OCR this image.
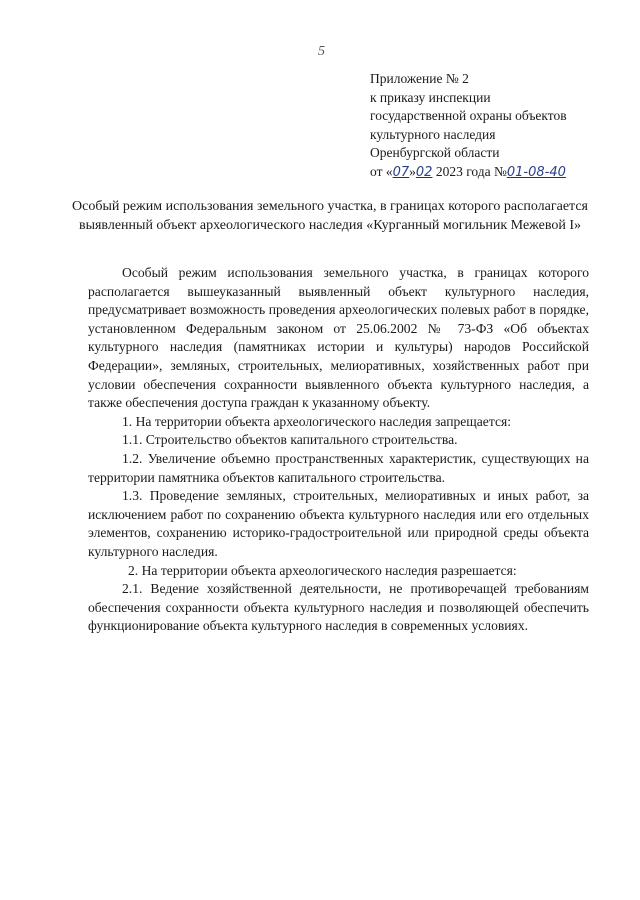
5
Приложение № 2
к приказу инспекции
государственной охраны объектов
культурного наследия
Оренбургской области
от «07»02 2023 года №01-08-40
Особый режим использования земельного участка, в границах которого располагается выявленный объект археологического наследия «Курганный могильник Межевой I»

Особый режим использования земельного участка, в границах которого располагается вышеуказанный выявленный объект культурного наследия, предусматривает возможность проведения археологических полевых работ в порядке, установленном Федеральным законом от 25.06.2002 № 73-ФЗ «Об объектах культурного наследия (памятниках истории и культуры) народов Российской Федерации», земляных, строительных, мелиоративных, хозяйственных работ при условии обеспечения сохранности выявленного объекта культурного наследия, а также обеспечения доступа граждан к указанному объекту.

1. На территории объекта археологического наследия запрещается:

1.1. Строительство объектов капитального строительства.

1.2. Увеличение объемно пространственных характеристик, существующих на территории памятника объектов капитального строительства.

1.3. Проведение земляных, строительных, мелиоративных и иных работ, за исключением работ по сохранению объекта культурного наследия или его отдельных элементов, сохранению историко-градостроительной или природной среды объекта культурного наследия.

2. На территории объекта археологического наследия разрешается:

2.1. Ведение хозяйственной деятельности, не противоречащей требованиям обеспечения сохранности объекта культурного наследия и позволяющей обеспечить функционирование объекта культурного наследия в современных условиях.
